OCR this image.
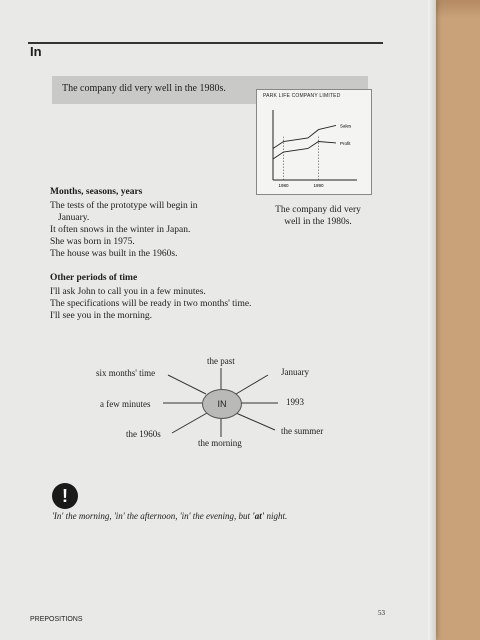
In
The company did very well in the 1980s.
PARK LIFE COMPANY LIMITED
Sales
Profit
1980	1990
The company did very
well in the 1980s.
Months, seasons, years
The tests of the prototype will begin in
January.
It often snows in the winter in Japan.
She was born in 1975.
The house was built in the 1960s.
Other periods of time
I'll ask John to call you in a few minutes.
The specifications will be ready in two months' time.
I'll see you in the morning.
IN
the past
January
six months' time
a few minutes	1993
the 1960s
the morning
the summer
!
'In' the morning, 'in' the afternoon, 'in' the evening, but 'at' night.
PREPOSITIONS
53
